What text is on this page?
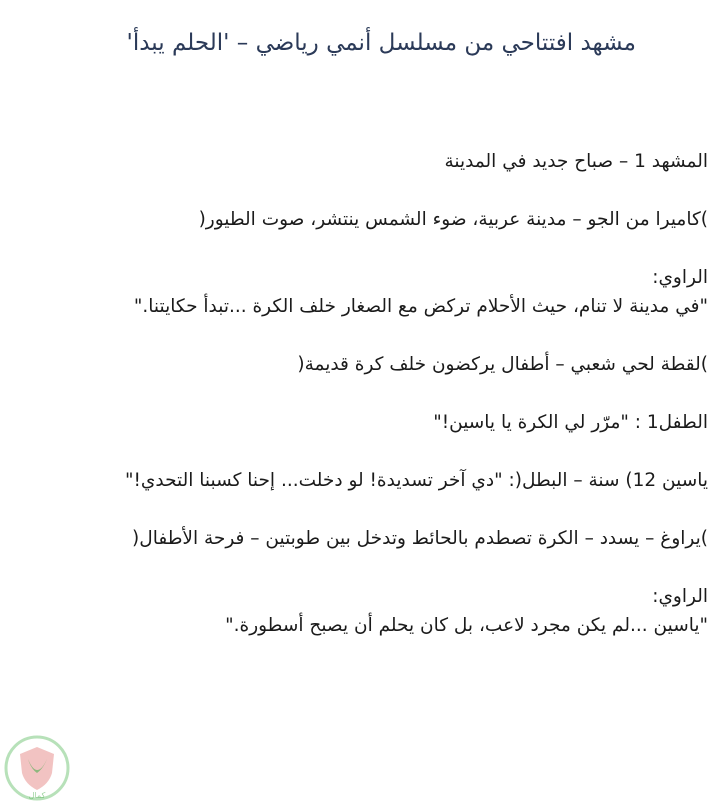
مشهد افتتاحي من مسلسل أنمي رياضي – 'الحلم يبدأ'
المشهد 1 – صباح جديد في المدينة
)كاميرا من الجو – مدينة عربية، ضوء الشمس ينتشر، صوت الطيور(
الراوي:
"في مدينة لا تنام، حيث الأحلام تركض مع الصغار خلف الكرة ...تبدأ حكايتنا."
)لقطة لحي شعبي – أطفال يركضون خلف كرة قديمة(
الطفل1 : "مرّر لي الكرة يا ياسين!"
ياسين 12) سنة – البطل(: "دي آخر تسديدة! لو دخلت... إحنا كسبنا التحدي!"
)يراوغ – يسدد – الكرة تصطدم بالحائط وتدخل بين طوبتين – فرحة الأطفال(
الراوي:
"ياسين ...لم يكن مجرد لاعب، بل كان يحلم أن يصبح أسطورة."
كمال
